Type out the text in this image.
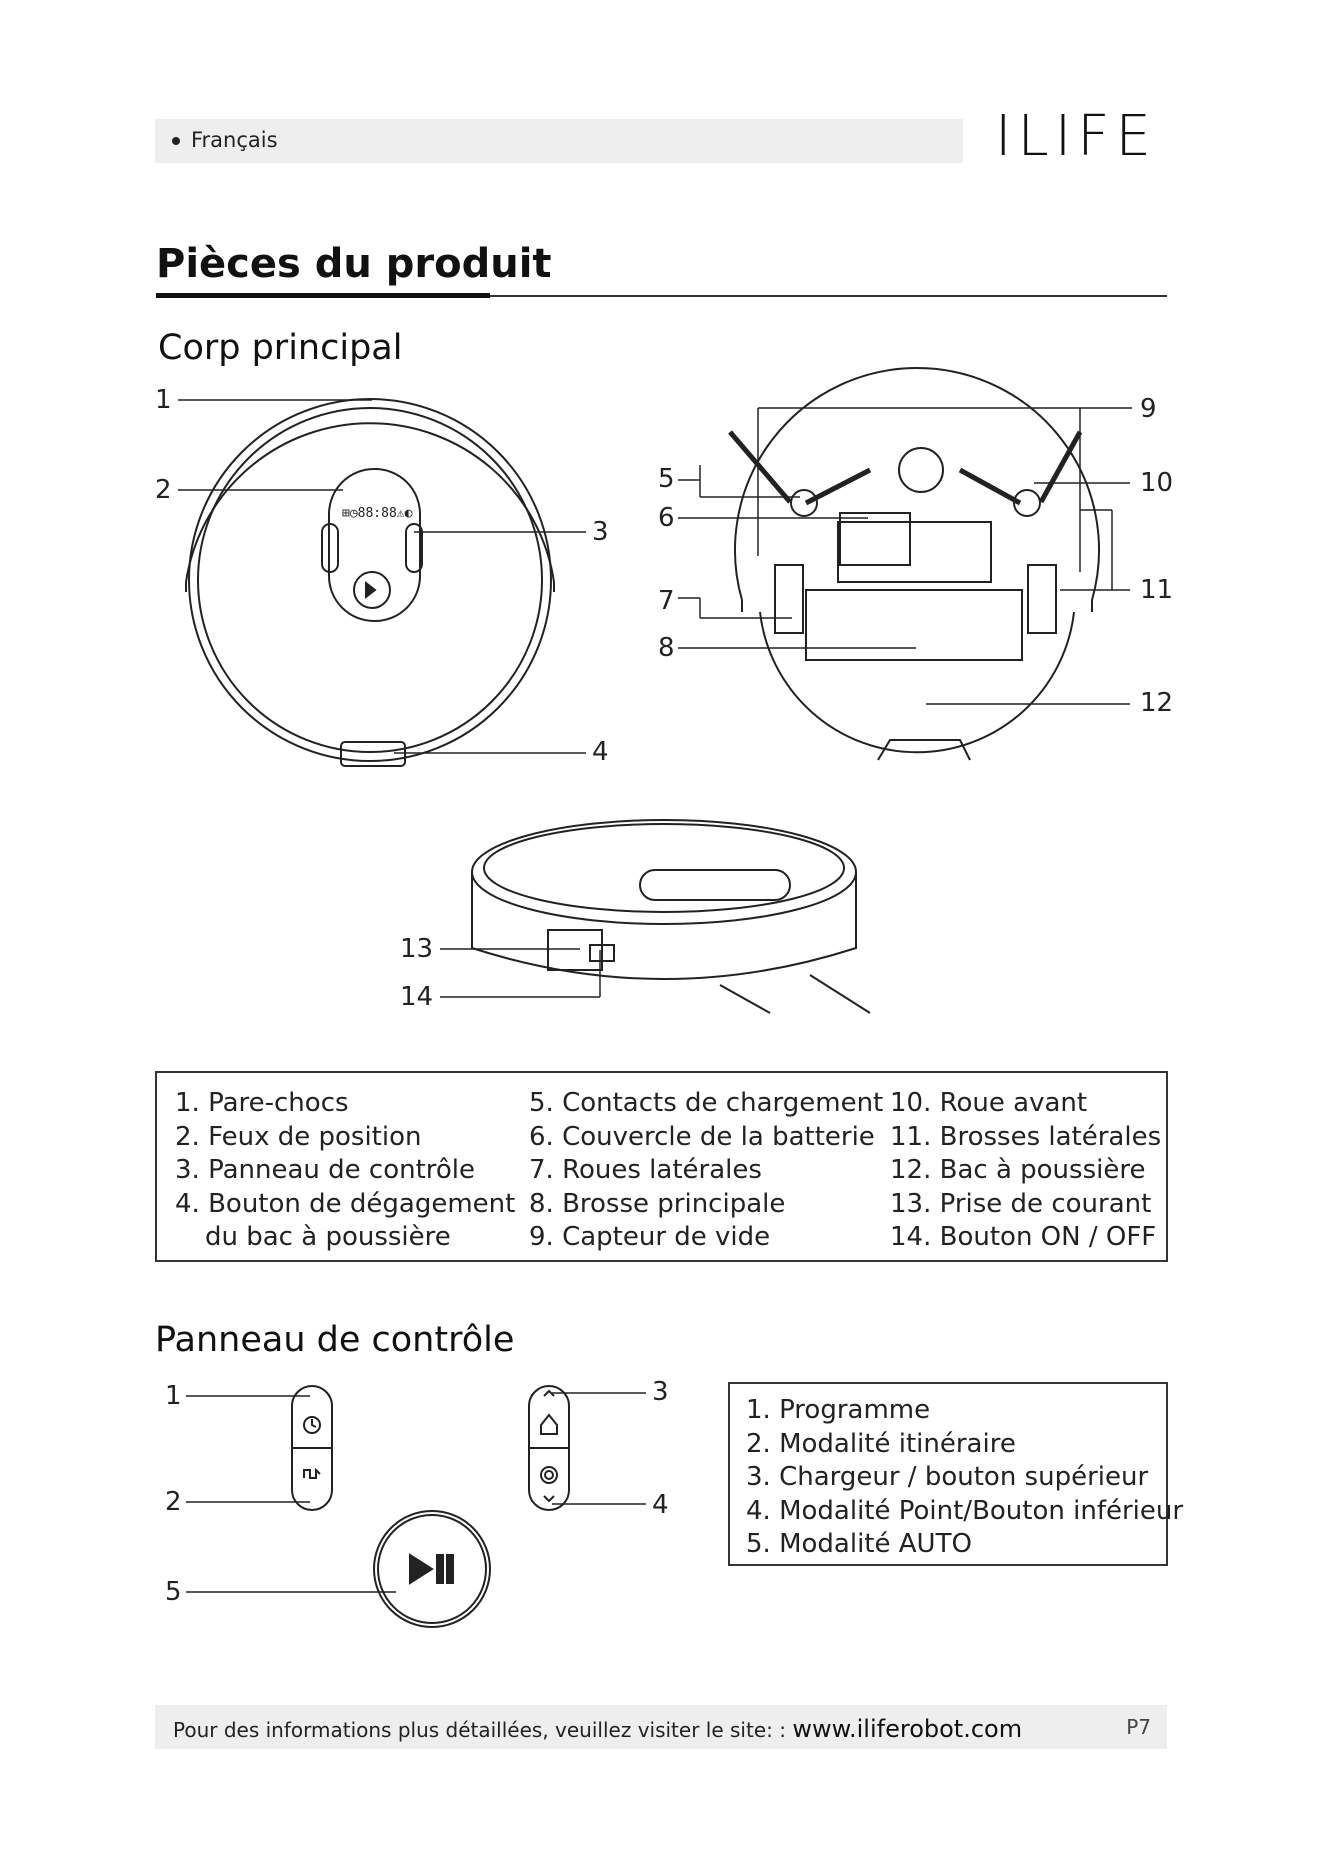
Français	ILIFE
Pièces du produit
Corp principal
⊞◷88:88⚠◐
1
2
3
4
5
6
7
8
9
10
11
12
13
14
1. Pare-chocs
2. Feux de position
3. Panneau de contrôle
4. Bouton de dégagement
du bac à poussière
5. Contacts de chargement
6. Couvercle de la batterie
7. Roues latérales
8. Brosse principale
9. Capteur de vide
10. Roue avant
11. Brosses latérales
12. Bac à poussière
13. Prise de courant
14. Bouton ON / OFF
Panneau de contrôle
1
2
3
4
5
1. Programme
2. Modalité itinéraire
3. Chargeur / bouton supérieur
4. Modalité Point/Bouton inférieur
5. Modalité AUTO
Pour des informations plus détaillées, veuillez visiter le site: : www.iliferobot.com	P7
